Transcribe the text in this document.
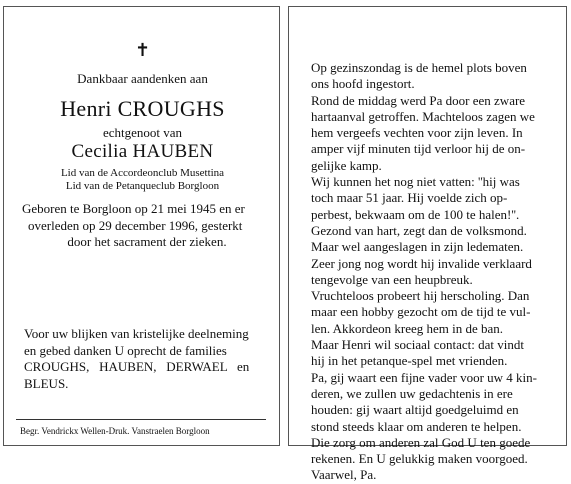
✝
Dankbaar aandenken aan
Henri CROUGHS
echtgenoot van
Cecilia HAUBEN
Lid van de Accordeonclub Musettina
Lid van de Petanqueclub Borgloon
Geboren te Borgloon op 21 mei 1945 en er
overleden op 29 december 1996, gesterkt
door het sacrament der zieken.
Voor uw blijken van kristelijke deelneming
en gebed danken U oprecht de families
CROUGHS,   HAUBEN,   DERWAEL   en
BLEUS.
Begr. Vendrickx Wellen-Druk. Vanstraelen Borgloon
Op gezinszondag is de hemel plots boven
ons hoofd ingestort.
Rond de middag werd Pa door een zware
hartaanval getroffen. Machteloos zagen we
hem vergeefs vechten voor zijn leven. In
amper vijf minuten tijd verloor hij de on-
gelijke kamp.
Wij kunnen het nog niet vatten: ''hij was
toch maar 51 jaar. Hij voelde zich op-
perbest, bekwaam om de 100 te halen!''.
Gezond van hart, zegt dan de volksmond.
Maar wel aangeslagen in zijn ledematen.
Zeer jong nog wordt hij invalide verklaard
tengevolge van een heupbreuk.
Vruchteloos probeert hij herscholing. Dan
maar een hobby gezocht om de tijd te vul-
len. Akkordeon kreeg hem in de ban.
Maar Henri wil sociaal contact: dat vindt
hij in het petanque-spel met vrienden.
Pa, gij waart een fijne vader voor uw 4 kin-
deren, we zullen uw gedachtenis in ere
houden: gij waart altijd goedgeluimd en
stond steeds klaar om anderen te helpen.
Die zorg om anderen zal God U ten goede
rekenen. En U gelukkig maken voorgoed.
Vaarwel, Pa.
